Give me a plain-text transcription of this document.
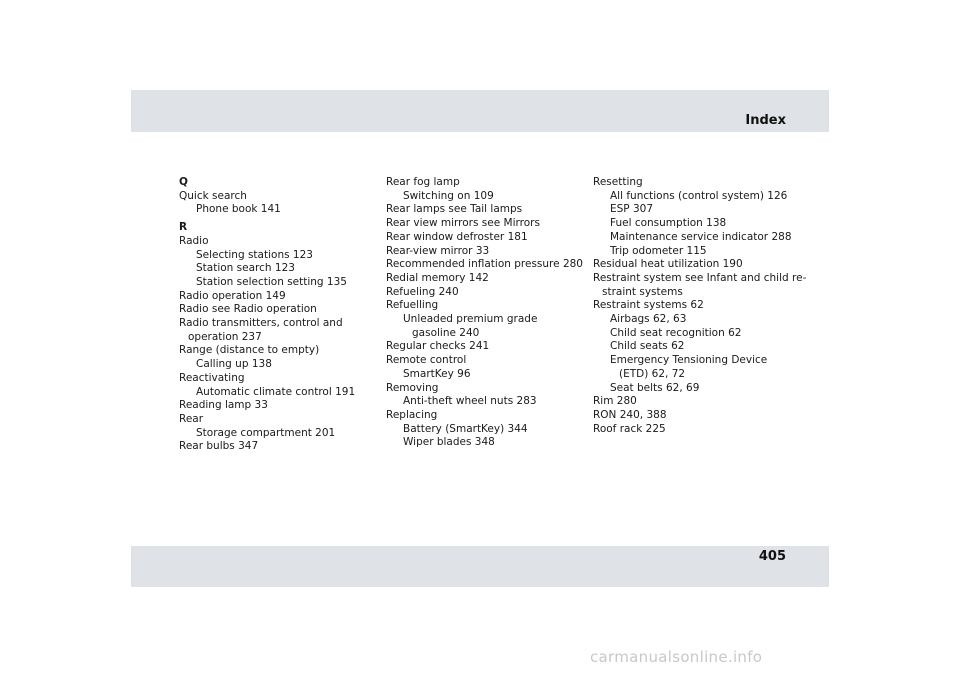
Index
Q
Quick search
Phone book 141
R
Radio
Selecting stations 123
Station search 123
Station selection setting 135
Radio operation 149
Radio see Radio operation
Radio transmitters, control and
operation 237
Range (distance to empty)
Calling up 138
Reactivating
Automatic climate control 191
Reading lamp 33
Rear
Storage compartment 201
Rear bulbs 347
Rear fog lamp
Switching on 109
Rear lamps see Tail lamps
Rear view mirrors see Mirrors
Rear window defroster 181
Rear-view mirror 33
Recommended inflation pressure 280
Redial memory 142
Refueling 240
Refuelling
Unleaded premium grade
gasoline 240
Regular checks 241
Remote control
SmartKey 96
Removing
Anti-theft wheel nuts 283
Replacing
Battery (SmartKey) 344
Wiper blades 348
Resetting
All functions (control system) 126
ESP 307
Fuel consumption 138
Maintenance service indicator 288
Trip odometer 115
Residual heat utilization 190
Restraint system see Infant and child re-
straint systems
Restraint systems 62
Airbags 62, 63
Child seat recognition 62
Child seats 62
Emergency Tensioning Device
(ETD) 62, 72
Seat belts 62, 69
Rim 280
RON 240, 388
Roof rack 225
405
carmanualsonline.info
